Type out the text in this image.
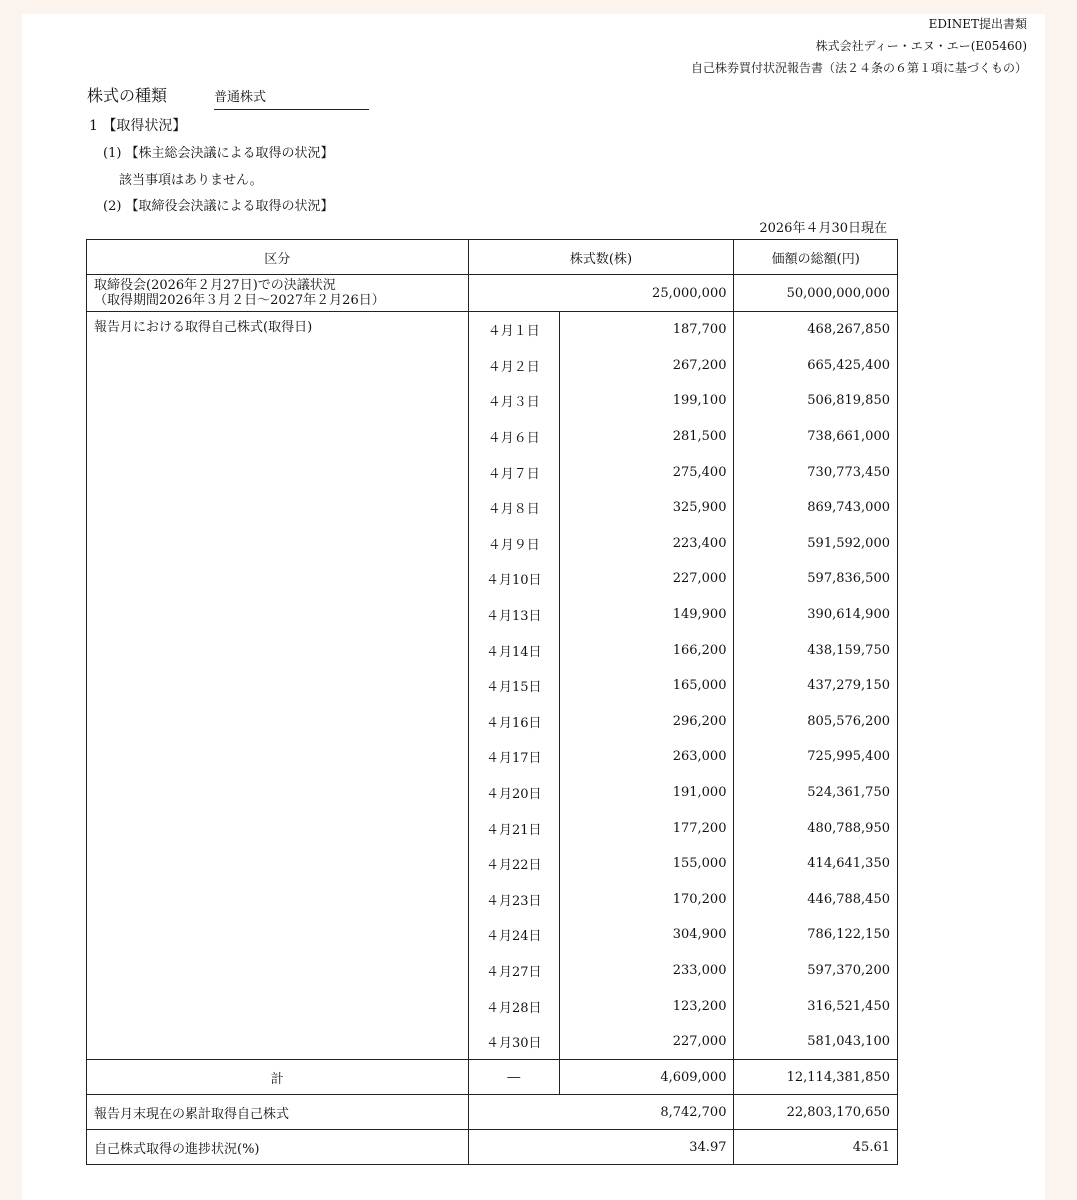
EDINET提出書類
株式会社ディー・エヌ・エー(E05460)
自己株券買付状況報告書（法２４条の６第１項に基づくもの）
株式の種類	普通株式
1 【取得状況】
(1) 【株主総会決議による取得の状況】
該当事項はありません。
(2) 【取締役会決議による取得の状況】
2026年４月30日現在
区分	株式数(株)		価額の総額(円)

取締役会(2026年２月27日)での決議状況
（取得期間2026年３月２日～2027年２月26日）	25,000,000		50,000,000,000
報告月における取得自己株式(取得日)	４月１日	187,700	468,267,850
	４月２日	267,200	665,425,400
	４月３日	199,100	506,819,850
	４月６日	281,500	738,661,000
	４月７日	275,400	730,773,450
	４月８日	325,900	869,743,000
	４月９日	223,400	591,592,000
	４月10日	227,000	597,836,500
	４月13日	149,900	390,614,900
	４月14日	166,200	438,159,750
	４月15日	165,000	437,279,150
	４月16日	296,200	805,576,200
	４月17日	263,000	725,995,400
	４月20日	191,000	524,361,750
	４月21日	177,200	480,788,950
	４月22日	155,000	414,641,350
	４月23日	170,200	446,788,450
	４月24日	304,900	786,122,150
	４月27日	233,000	597,370,200
	４月28日	123,200	316,521,450
	４月30日	227,000	581,043,100
計	―	4,609,000	12,114,381,850
報告月末現在の累計取得自己株式	8,742,700		22,803,170,650
自己株式取得の進捗状況(%)	34.97		45.61
